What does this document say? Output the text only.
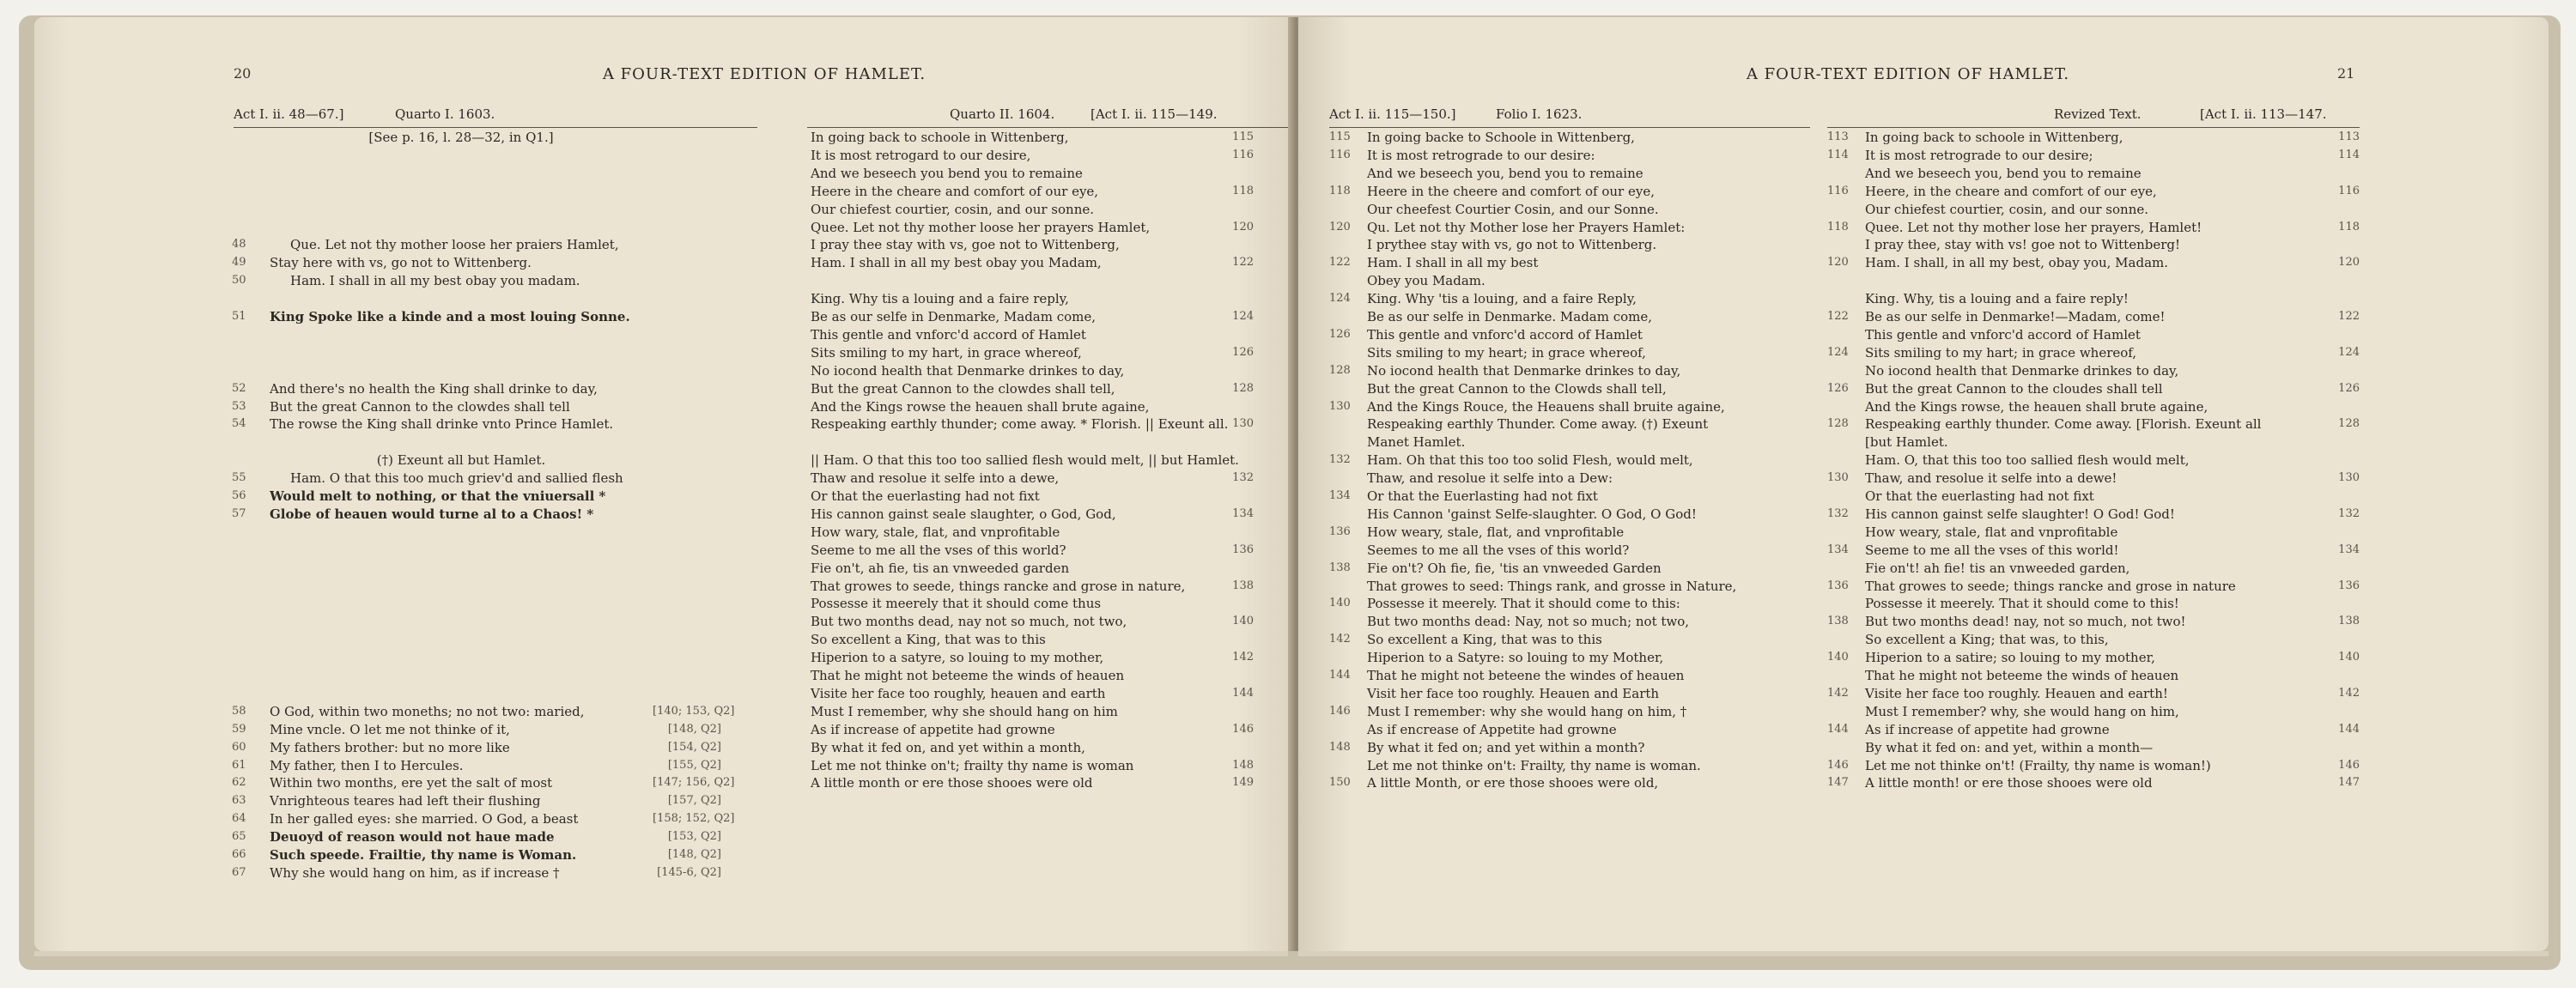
20	A FOUR-TEXT EDITION OF HAMLET.
Act I. ii. 48—67.]	Quarto I. 1603.	Quarto II. 1604.	[Act I. ii. 115—149.
A FOUR-TEXT EDITION OF HAMLET.	21
Act I. ii. 115—150.]	Folio I. 1623.	Revized Text.	[Act I. ii. 113—147.
[See p. 16, l. 28—32, in Q1.]
48	Que. Let not thy mother loose her praiers Hamlet,
49	Stay here with vs, go not to Wittenberg.
50	Ham. I shall in all my best obay you madam.
51	King Spoke like a kinde and a most louing Sonne.
52	And there's no health the King shall drinke to day,
53	But the great Cannon to the clowdes shall tell
54	The rowse the King shall drinke vnto Prince Hamlet.
(†) Exeunt all but Hamlet.
55	Ham. O that this too much griev'd and sallied flesh
56	Would melt to nothing, or that the vniuersall *
57	Globe of heauen would turne al to a Chaos! *
58	O God, within two moneths; no not two: maried,	[140; 153, Q2]
59	Mine vncle. O let me not thinke of it,	[148, Q2]
60	My fathers brother: but no more like	[154, Q2]
61	My father, then I to Hercules.	[155, Q2]
62	Within two months, ere yet the salt of most	[147; 156, Q2]
63	Vnrighteous teares had left their flushing	[157, Q2]
64	In her galled eyes: she married. O God, a beast	[158; 152, Q2]
65	Deuoyd of reason would not haue made	[153, Q2]
66	Such speede. Frailtie, thy name is Woman.	[148, Q2]
67	Why she would hang on him, as if increase †	[145-6, Q2]
In going back to schoole in Wittenberg,	115
It is most retrogard to our desire,	116
And we beseech you bend you to remaine
Heere in the cheare and comfort of our eye,	118
Our chiefest courtier, cosin, and our sonne.
Quee. Let not thy mother loose her prayers Hamlet,	120
I pray thee stay with vs, goe not to Wittenberg,
Ham. I shall in all my best obay you Madam,	122
King. Why tis a louing and a faire reply,
Be as our selfe in Denmarke, Madam come,	124
This gentle and vnforc'd accord of Hamlet
Sits smiling to my hart, in grace whereof,	126
No iocond health that Denmarke drinkes to day,
But the great Cannon to the clowdes shall tell,	128
And the Kings rowse the heauen shall brute againe,
Respeaking earthly thunder; come away. * Florish. || Exeunt all. 130
|| Ham. O that this too too sallied flesh would melt, || but Hamlet.
Thaw and resolue it selfe into a dewe,	132
Or that the euerlasting had not fixt
His cannon gainst seale slaughter, o God, God,	134
How wary, stale, flat, and vnprofitable
Seeme to me all the vses of this world?	136
Fie on't, ah fie, tis an vnweeded garden
That growes to seede, things rancke and grose in nature,	138
Possesse it meerely that it should come thus
But two months dead, nay not so much, not two,	140
So excellent a King, that was to this
Hiperion to a satyre, so louing to my mother,	142
That he might not beteeme the winds of heauen
Visite her face too roughly, heauen and earth	144
Must I remember, why she should hang on him
As if increase of appetite had growne	146
By what it fed on, and yet within a month,
Let me not thinke on't; frailty thy name is woman	148
A little month or ere those shooes were old	149
115	In going backe to Schoole in Wittenberg,
116	It is most retrograde to our desire:
And we beseech you, bend you to remaine
118	Heere in the cheere and comfort of our eye,
Our cheefest Courtier Cosin, and our Sonne.
120	Qu. Let not thy Mother lose her Prayers Hamlet:
I prythee stay with vs, go not to Wittenberg.
122	Ham. I shall in all my best
Obey you Madam.
124	King. Why 'tis a louing, and a faire Reply,
Be as our selfe in Denmarke. Madam come,
126	This gentle and vnforc'd accord of Hamlet
Sits smiling to my heart; in grace whereof,
128	No iocond health that Denmarke drinkes to day,
But the great Cannon to the Clowds shall tell,
130	And the Kings Rouce, the Heauens shall bruite againe,
Respeaking earthly Thunder. Come away. (†) Exeunt
Manet Hamlet.
132	Ham. Oh that this too too solid Flesh, would melt,
Thaw, and resolue it selfe into a Dew:
134	Or that the Euerlasting had not fixt
His Cannon 'gainst Selfe-slaughter. O God, O God!
136	How weary, stale, flat, and vnprofitable
Seemes to me all the vses of this world?
138	Fie on't? Oh fie, fie, 'tis an vnweeded Garden
That growes to seed: Things rank, and grosse in Nature,
140	Possesse it meerely. That it should come to this:
But two months dead: Nay, not so much; not two,
142	So excellent a King, that was to this
Hiperion to a Satyre: so louing to my Mother,
144	That he might not beteene the windes of heauen
Visit her face too roughly. Heauen and Earth
146	Must I remember: why she would hang on him, †
As if encrease of Appetite had growne
148	By what it fed on; and yet within a month?
Let me not thinke on't: Frailty, thy name is woman.
150	A little Month, or ere those shooes were old,
113	In going back to schoole in Wittenberg,	113
114	It is most retrograde to our desire;	114
And we beseech you, bend you to remaine
116	Heere, in the cheare and comfort of our eye,	116
Our chiefest courtier, cosin, and our sonne.
118	Quee. Let not thy mother lose her prayers, Hamlet!	118
I pray thee, stay with vs! goe not to Wittenberg!
120	Ham. I shall, in all my best, obay you, Madam.	120
King. Why, tis a louing and a faire reply!
122	Be as our selfe in Denmarke!—Madam, come!	122
This gentle and vnforc'd accord of Hamlet
124	Sits smiling to my hart; in grace whereof,	124
No iocond health that Denmarke drinkes to day,
126	But the great Cannon to the cloudes shall tell	126
And the Kings rowse, the heauen shall brute againe,
128	Respeaking earthly thunder. Come away. [Florish. Exeunt all	128
[but Hamlet.
Ham. O, that this too too sallied flesh would melt,
130	Thaw, and resolue it selfe into a dewe!	130
Or that the euerlasting had not fixt
132	His cannon gainst selfe slaughter! O God! God!	132
How weary, stale, flat and vnprofitable
134	Seeme to me all the vses of this world!	134
Fie on't! ah fie! tis an vnweeded garden,
136	That growes to seede; things rancke and grose in nature	136
Possesse it meerely. That it should come to this!
138	But two months dead! nay, not so much, not two!	138
So excellent a King; that was, to this,
140	Hiperion to a satire; so louing to my mother,	140
That he might not beteeme the winds of heauen
142	Visite her face too roughly. Heauen and earth!	142
Must I remember? why, she would hang on him,
144	As if increase of appetite had growne	144
By what it fed on: and yet, within a month—
146	Let me not thinke on't! (Frailty, thy name is woman!)	146
147	A little month! or ere those shooes were old	147
